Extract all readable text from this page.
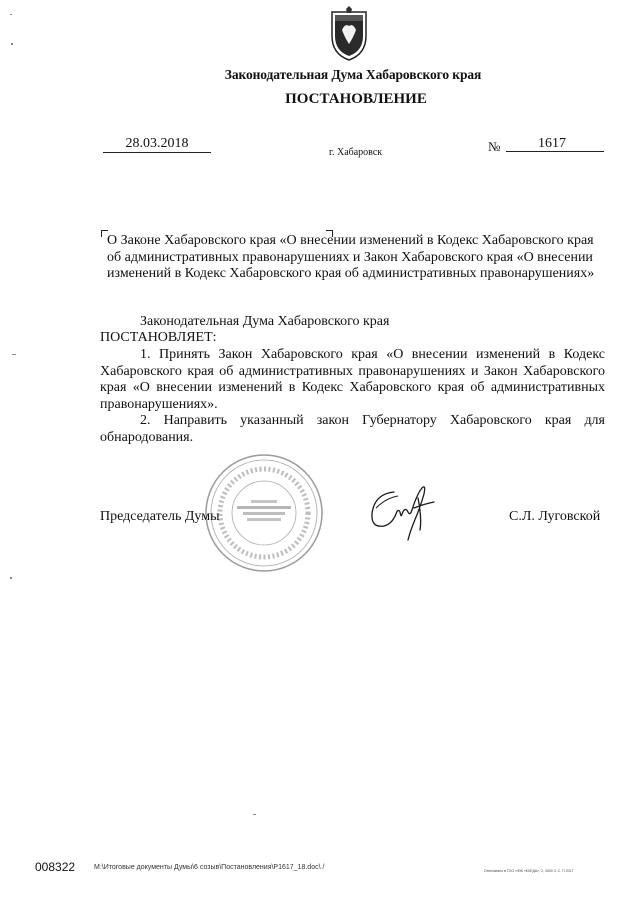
Законодательная Дума Хабаровского края
ПОСТАНОВЛЕНИЕ
28.03.2018
г. Хабаровск	№	1617
О Законе Хабаровского края «О внесении изменений в Кодекс Хабаровского края
об административных правонарушениях и Закон Хабаровского края «О внесении
изменений в Кодекс Хабаровского края об административных правонарушениях»
Законодательная Дума Хабаровского края
ПОСТАНОВЛЯЕТ:
1. Принять Закон Хабаровского края «О внесении изменений в Кодекс Хабаровского края об административных правонарушениях и Закон Хабаровского края «О внесении изменений в Кодекс Хабаровского края об административных правонарушениях».
2. Направить указанный закон Губернатору Хабаровского края для обнародования.
Председатель Думы	С.Л. Луговской
008322	M:\Итоговые документы Думы\6 созыв\Постановления\P1617_18.doc\ /	Отпечатано в ГОО «ФЖ «КХЕДА», 2, 3000 3, С. П 2017
